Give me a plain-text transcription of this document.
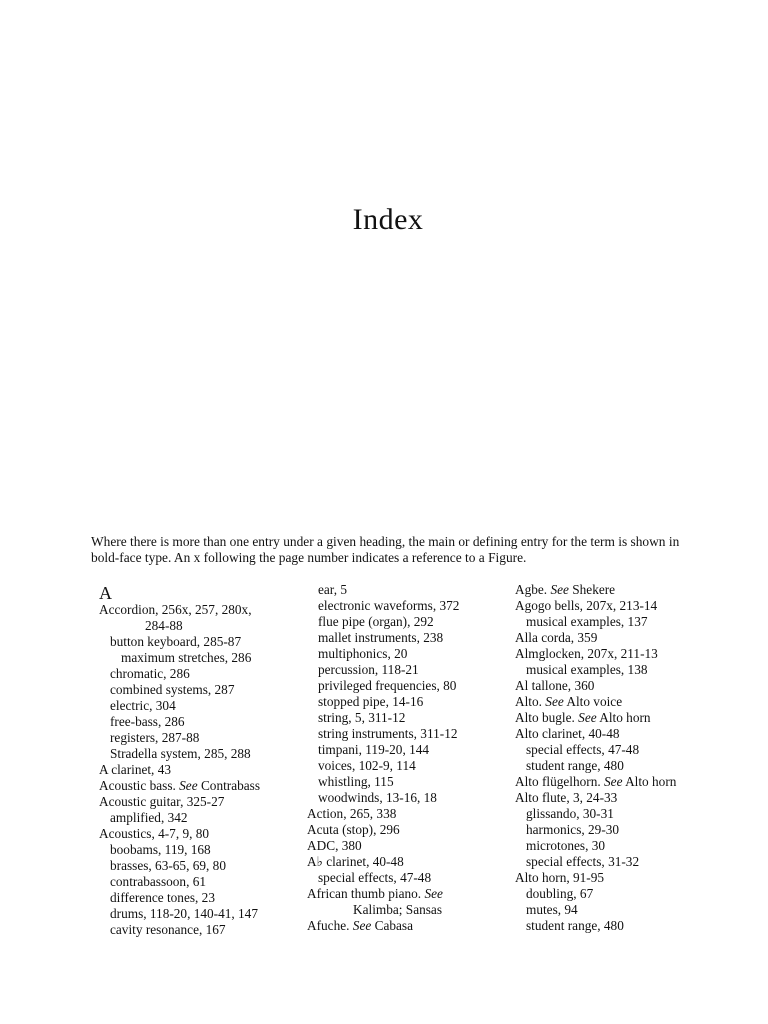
Index

Where there is more than one entry under a given heading, the main or defining entry for the term is shown in bold-face type. An x following the page number indicates a reference to a Figure.

A
Accordion, 256x, 257, 280x,
284-88
button keyboard, 285-87
maximum stretches, 286
chromatic, 286
combined systems, 287
electric, 304
free-bass, 286
registers, 287-88
Stradella system, 285, 288
A clarinet, 43
Acoustic bass. See Contrabass
Acoustic guitar, 325-27
amplified, 342
Acoustics, 4-7, 9, 80
boobams, 119, 168
brasses, 63-65, 69, 80
contrabassoon, 61
difference tones, 23
drums, 118-20, 140-41, 147
cavity resonance, 167
ear, 5
electronic waveforms, 372
flue pipe (organ), 292
mallet instruments, 238
multiphonics, 20
percussion, 118-21
privileged frequencies, 80
stopped pipe, 14-16
string, 5, 311-12
string instruments, 311-12
timpani, 119-20, 144
voices, 102-9, 114
whistling, 115
woodwinds, 13-16, 18
Action, 265, 338
Acuta (stop), 296
ADC, 380
A♭ clarinet, 40-48
special effects, 47-48
African thumb piano. See
Kalimba; Sansas
Afuche. See Cabasa
Agbe. See Shekere
Agogo bells, 207x, 213-14
musical examples, 137
Alla corda, 359
Almglocken, 207x, 211-13
musical examples, 138
Al tallone, 360
Alto. See Alto voice
Alto bugle. See Alto horn
Alto clarinet, 40-48
special effects, 47-48
student range, 480
Alto flügelhorn. See Alto horn
Alto flute, 3, 24-33
glissando, 30-31
harmonics, 29-30
microtones, 30
special effects, 31-32
Alto horn, 91-95
doubling, 67
mutes, 94
student range, 480
